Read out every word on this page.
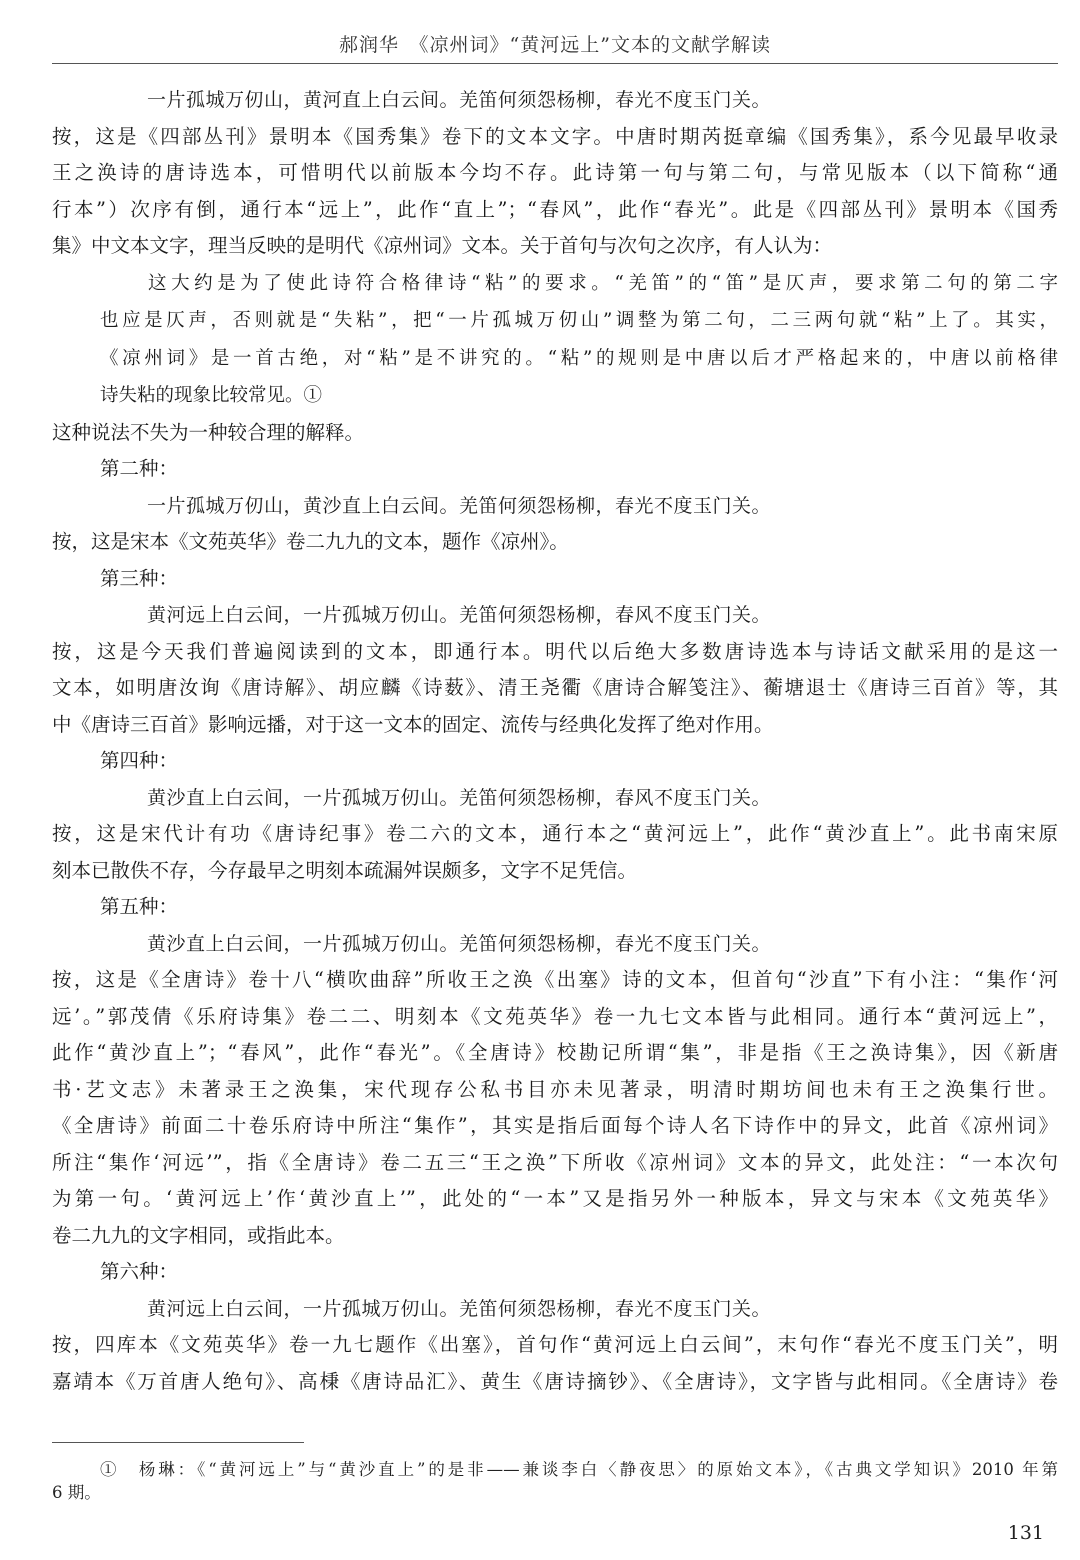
郝润华　《凉州词》“黄河远上”文本的文献学解读
一片孤城万仞山，黄河直上白云间。羌笛何须怨杨柳，春光不度玉门关。
按，这是《四部丛刊》景明本《国秀集》卷下的文本文字。中唐时期芮挺章编《国秀集》，系今见最早收录
王之涣诗的唐诗选本，可惜明代以前版本今均不存。此诗第一句与第二句，与常见版本（以下简称“通
行本”）次序有倒，通行本“远上”，此作“直上”；“春风”，此作“春光”。此是《四部丛刊》景明本《国秀
集》中文本文字，理当反映的是明代《凉州词》文本。关于首句与次句之次序，有人认为：
这大约是为了使此诗符合格律诗“粘”的要求。“羌笛”的“笛”是仄声，要求第二句的第二字
也应是仄声，否则就是“失粘”，把“一片孤城万仞山”调整为第二句，二三两句就“粘”上了。其实，
《凉州词》是一首古绝，对“粘”是不讲究的。“粘”的规则是中唐以后才严格起来的，中唐以前格律
诗失粘的现象比较常见。①
这种说法不失为一种较合理的解释。
第二种：
一片孤城万仞山，黄沙直上白云间。羌笛何须怨杨柳，春光不度玉门关。
按，这是宋本《文苑英华》卷二九九的文本，题作《凉州》。
第三种：
黄河远上白云间，一片孤城万仞山。羌笛何须怨杨柳，春风不度玉门关。
按，这是今天我们普遍阅读到的文本，即通行本。明代以后绝大多数唐诗选本与诗话文献采用的是这一
文本，如明唐汝询《唐诗解》、胡应麟《诗薮》、清王尧衢《唐诗合解笺注》、蘅塘退士《唐诗三百首》等，其
中《唐诗三百首》影响远播，对于这一文本的固定、流传与经典化发挥了绝对作用。
第四种：
黄沙直上白云间，一片孤城万仞山。羌笛何须怨杨柳，春风不度玉门关。
按，这是宋代计有功《唐诗纪事》卷二六的文本，通行本之“黄河远上”，此作“黄沙直上”。此书南宋原
刻本已散佚不存，今存最早之明刻本疏漏舛误颇多，文字不足凭信。
第五种：
黄沙直上白云间，一片孤城万仞山。羌笛何须怨杨柳，春光不度玉门关。
按，这是《全唐诗》卷十八“横吹曲辞”所收王之涣《出塞》诗的文本，但首句“沙直”下有小注：“集作‘河
远’。”郭茂倩《乐府诗集》卷二二、明刻本《文苑英华》卷一九七文本皆与此相同。通行本“黄河远上”，
此作“黄沙直上”；“春风”，此作“春光”。《全唐诗》校勘记所谓“集”，非是指《王之涣诗集》，因《新唐
书·艺文志》未著录王之涣集，宋代现存公私书目亦未见著录，明清时期坊间也未有王之涣集行世。
《全唐诗》前面二十卷乐府诗中所注“集作”，其实是指后面每个诗人名下诗作中的异文，此首《凉州词》
所注“集作‘河远’”，指《全唐诗》卷二五三“王之涣”下所收《凉州词》文本的异文，此处注：“一本次句
为第一句。‘黄河远上’作‘黄沙直上’”，此处的“一本”又是指另外一种版本，异文与宋本《文苑英华》
卷二九九的文字相同，或指此本。
第六种：
黄河远上白云间，一片孤城万仞山。羌笛何须怨杨柳，春光不度玉门关。
按，四库本《文苑英华》卷一九七题作《出塞》，首句作“黄河远上白云间”，末句作“春光不度玉门关”，明
嘉靖本《万首唐人绝句》、高棅《唐诗品汇》、黄生《唐诗摘钞》、《全唐诗》，文字皆与此相同。《全唐诗》卷
①　杨琳：《“黄河远上”与“黄沙直上”的是非——兼谈李白〈静夜思〉的原始文本》，《古典文学知识》2010 年第
6 期。
131
